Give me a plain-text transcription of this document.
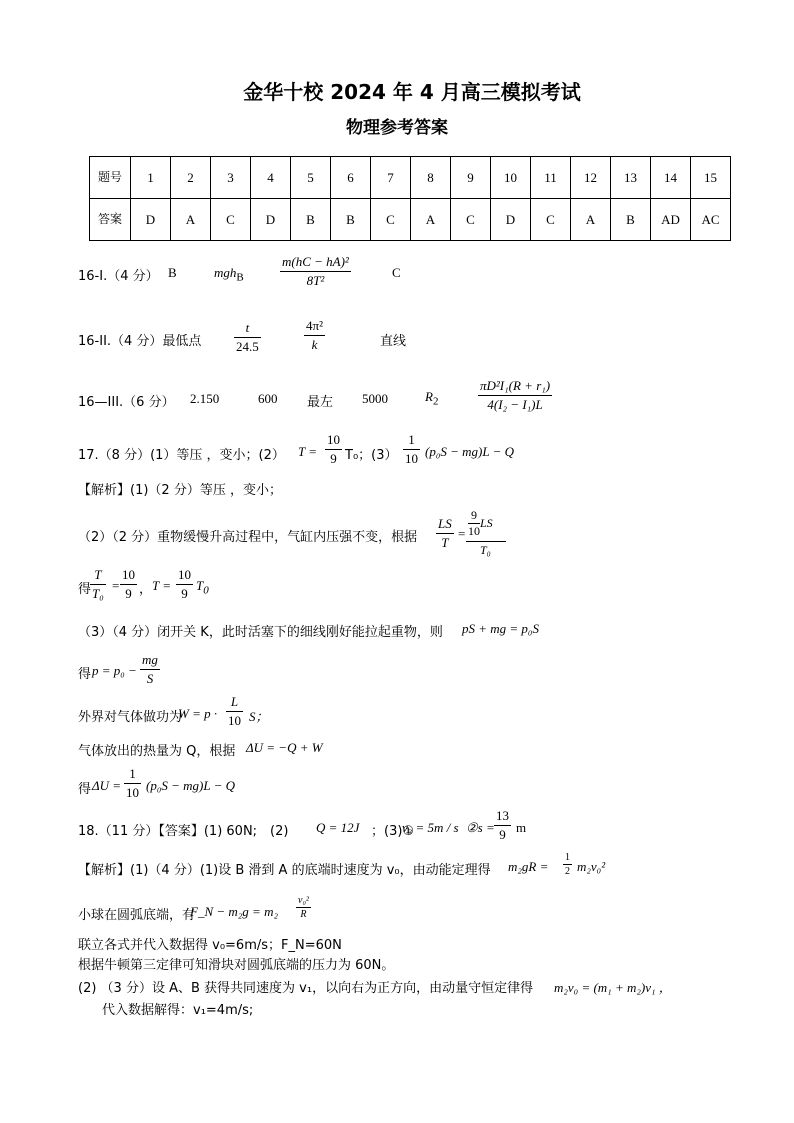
金华十校 2024 年 4 月高三模拟考试
物理参考答案
题号	1	2	3	4	5	6	7	8	9	10	11	12	13	14	15
答案	D	A	C	D	B	B	C	A	C	D	C	A	B	AD	AC
16-I.（4 分） B	mgh$_B$	$\frac{\text{m(hC − hA)²}}{\text{8T²}}$	C
16-II.（4 分）最低点	$\frac{t}{24.5}$	$\frac{\text{4π²}}{k}$	直线
16—III.（6 分） 2.150	600 最左 5000	$R_2$	$\frac{\text{πD²I₁(R + r₁)}}{\text{4(I₂ − I₁)L}}$
17.（8 分）(1）等压 ，变小；(2） $T = \frac{10}{9} T_0$；$(3) \frac{1}{10} (p_0S - mg)L - Q$
【解析】(1)（2 分）等压 ，变小；
（2）（2 分）重物缓慢升高过程中，气缸内压强不变，根据 $\frac{LS}{T} = \frac{9}{10}$ LS
T₀
得
$\frac{T}{\text{T₀}} = \frac{10}{9}$ ， $T = \frac{10}{9} T_0$
（3）（4 分）闭开关 K，此时活塞下的细线刚好能拉起重物，则 pS + mg = p₀S
得 $p = p_0 - \frac{mg}{S}$
外界对气体做功为
$W = p \cdot \frac{L}{10}$ S；
气体放出的热量为 Q，根据 ΔU = −Q + W
得 $\Delta U = \frac{1}{10} (p_0S - mg)L - Q$
18.（11 分）【答案】(1) 60N;　(2) Q = 12J ；(3)①
v₃ = 5m / s ②s = $\frac{13}{9}$ m
【解析】(1)（4 分）(1)设 B 滑到 A 的底端时速度为 v₀，由动能定理得 $m_2gR = \frac{1}{2} m_2v_0^2$
小球在圆弧底端，有
F_N − $m_2g = m_2 \frac{\text{v₀²}}{R}$
联立各式并代入数据得 v₀=6m/s；F_N=60N
根据牛顿第三定律可知滑块对圆弧底端的压力为 60N。
(2) （3 分）设 A、B 获得共同速度为 v₁，以向右为正方向，由动量守恒定律得 m₂v₀ = (m₁ + m₂)v₁ ，
代入数据解得：v₁=4m/s;
